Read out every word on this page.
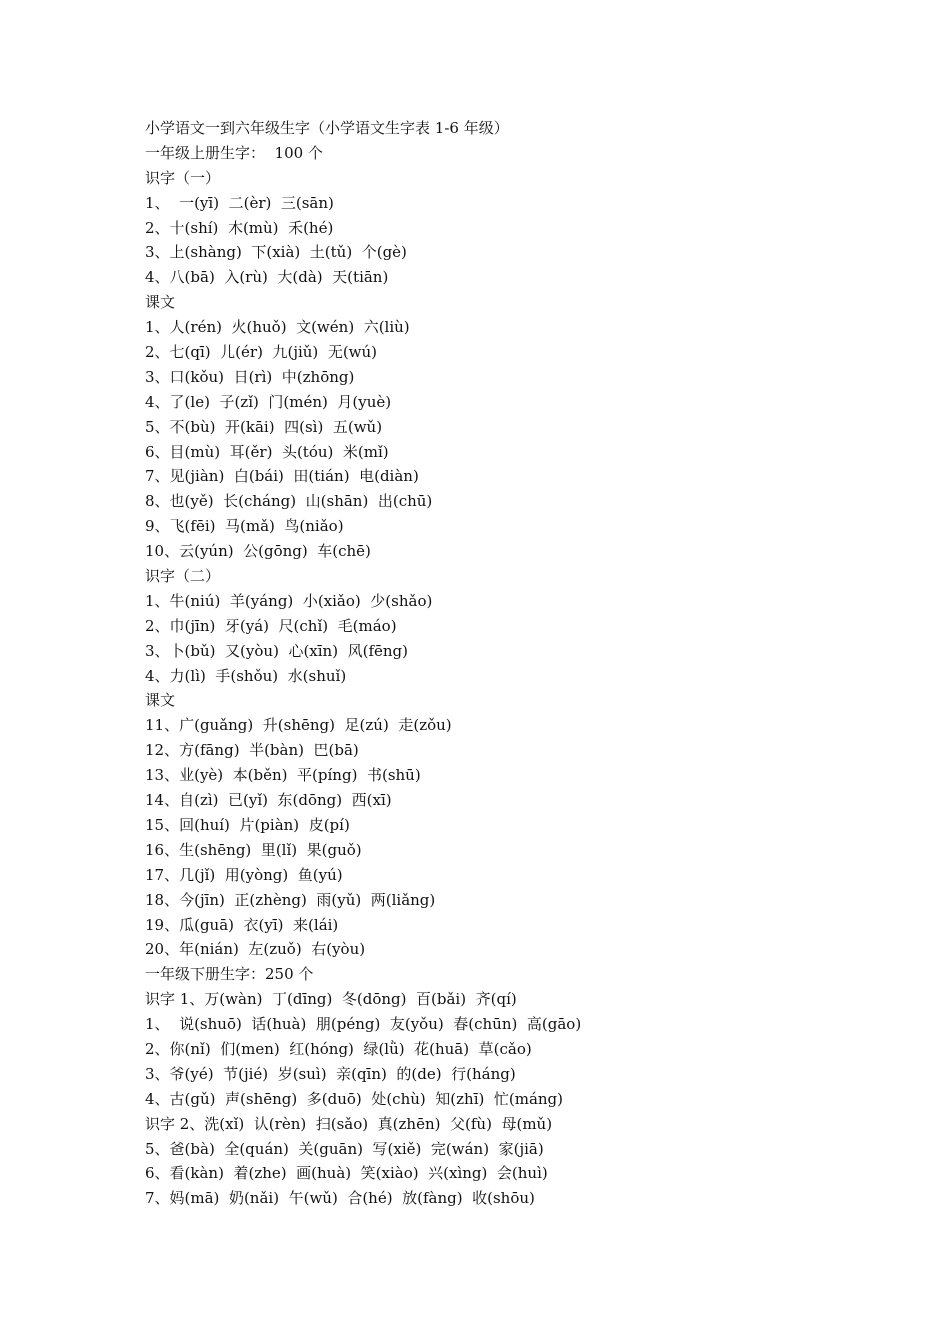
小学语文一到六年级生字（小学语文生字表 1-6 年级）
一年级上册生字：  100 个
识字（一）
1、  一(yī)  二(èr)  三(sān)
2、十(shí)  木(mù)  禾(hé)
3、上(shàng)  下(xià)  土(tǔ)  个(gè)
4、八(bā)  入(rù)  大(dà)  天(tiān)
课文
1、人(rén)  火(huǒ)  文(wén)  六(liù)
2、七(qī)  儿(ér)  九(jiǔ)  无(wú)
3、口(kǒu)  日(rì)  中(zhōng)
4、了(le)  子(zǐ)  门(mén)  月(yuè)
5、不(bù)  开(kāi)  四(sì)  五(wǔ)
6、目(mù)  耳(ěr)  头(tóu)  米(mǐ)
7、见(jiàn)  白(bái)  田(tián)  电(diàn)
8、也(yě)  长(cháng)  山(shān)  出(chū)
9、飞(fēi)  马(mǎ)  鸟(niǎo)
10、云(yún)  公(gōng)  车(chē)
识字（二）
1、牛(niú)  羊(yáng)  小(xiǎo)  少(shǎo)
2、巾(jīn)  牙(yá)  尺(chǐ)  毛(máo)
3、卜(bǔ)  又(yòu)  心(xīn)  风(fēng)
4、力(lì)  手(shǒu)  水(shuǐ)
课文
11、广(guǎng)  升(shēng)  足(zú)  走(zǒu)
12、方(fāng)  半(bàn)  巴(bā)
13、业(yè)  本(běn)  平(píng)  书(shū)
14、自(zì)  已(yǐ)  东(dōng)  西(xī)
15、回(huí)  片(piàn)  皮(pí)
16、生(shēng)  里(lǐ)  果(guǒ)
17、几(jǐ)  用(yòng)  鱼(yú)
18、今(jīn)  正(zhèng)  雨(yǔ)  两(liǎng)
19、瓜(guā)  衣(yī)  来(lái)
20、年(nián)  左(zuǒ)  右(yòu)
一年级下册生字：250 个
识字 1、万(wàn)  丁(dīng)  冬(dōng)  百(bǎi)  齐(qí)
1、  说(shuō)  话(huà)  朋(péng)  友(yǒu)  春(chūn)  高(gāo)
2、你(nǐ)  们(men)  红(hóng)  绿(lǜ)  花(huā)  草(cǎo)
3、爷(yé)  节(jié)  岁(suì)  亲(qīn)  的(de)  行(háng)
4、古(gǔ)  声(shēng)  多(duō)  处(chù)  知(zhī)  忙(máng)
识字 2、洗(xǐ)  认(rèn)  扫(sǎo)  真(zhēn)  父(fù)  母(mǔ)
5、爸(bà)  全(quán)  关(guān)  写(xiě)  完(wán)  家(jiā)
6、看(kàn)  着(zhe)  画(huà)  笑(xiào)  兴(xìng)  会(huì)
7、妈(mā)  奶(nǎi)  午(wǔ)  合(hé)  放(fàng)  收(shōu)
